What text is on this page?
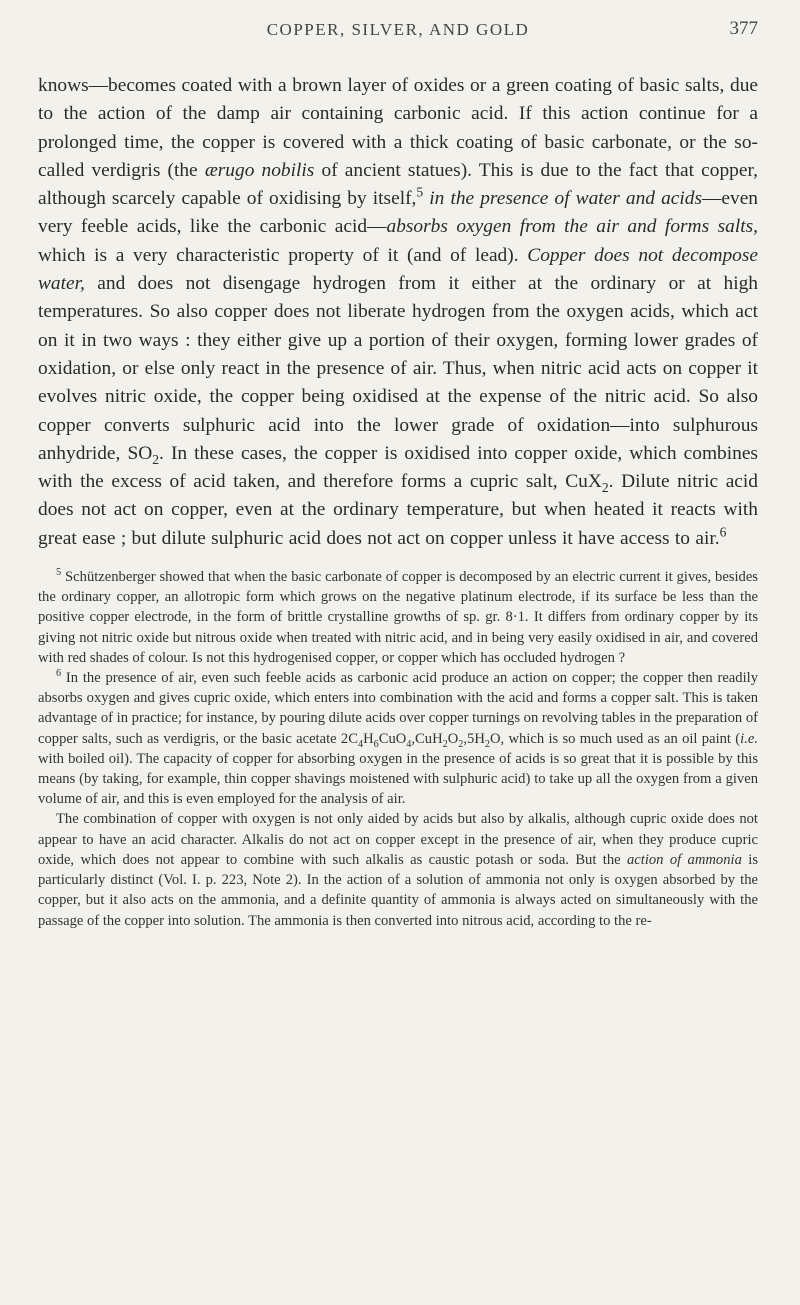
COPPER, SILVER, AND GOLD	377

knows—becomes coated with a brown layer of oxides or a green coating of basic salts, due to the action of the damp air containing carbonic acid. If this action continue for a prolonged time, the copper is covered with a thick coating of basic carbonate, or the so-called verdigris (the ærugo nobilis of ancient statues). This is due to the fact that copper, although scarcely capable of oxidising by itself,$^5$ in the presence of water and acids—even very feeble acids, like the carbonic acid—absorbs oxygen from the air and forms salts, which is a very characteristic property of it (and of lead). Copper does not decompose water, and does not disengage hydrogen from it either at the ordinary or at high temperatures. So also copper does not liberate hydrogen from the oxygen acids, which act on it in two ways : they either give up a portion of their oxygen, forming lower grades of oxidation, or else only react in the presence of air. Thus, when nitric acid acts on copper it evolves nitric oxide, the copper being oxidised at the expense of the nitric acid. So also copper converts sulphuric acid into the lower grade of oxidation—into sulphurous anhydride, $SO_2$. In these cases, the copper is oxidised into copper oxide, which combines with the excess of acid taken, and therefore forms a cupric salt, CuX$_2$. Dilute nitric acid does not act on copper, even at the ordinary temperature, but when heated it reacts with great ease ; but dilute sulphuric acid does not act on copper unless it have access to air.$^6$

$^5$ Schützenberger showed that when the basic carbonate of copper is decomposed by an electric current it gives, besides the ordinary copper, an allotropic form which grows on the negative platinum electrode, if its surface be less than the positive copper electrode, in the form of brittle crystalline growths of sp. gr. 8·1. It differs from ordinary copper by its giving not nitric oxide but nitrous oxide when treated with nitric acid, and in being very easily oxidised in air, and covered with red shades of colour. Is not this hydrogenised copper, or copper which has occluded hydrogen ?

$^6$ In the presence of air, even such feeble acids as carbonic acid produce an action on copper; the copper then readily absorbs oxygen and gives cupric oxide, which enters into combination with the acid and forms a copper salt. This is taken advantage of in practice; for instance, by pouring dilute acids over copper turnings on revolving tables in the preparation of copper salts, such as verdigris, or the basic acetate $2C_4H_6CuO_4,CuH_2O_2,5H_2O$, which is so much used as an oil paint (i.e. with boiled oil). The capacity of copper for absorbing oxygen in the presence of acids is so great that it is possible by this means (by taking, for example, thin copper shavings moistened with sulphuric acid) to take up all the oxygen from a given volume of air, and this is even employed for the analysis of air.

The combination of copper with oxygen is not only aided by acids but also by alkalis, although cupric oxide does not appear to have an acid character. Alkalis do not act on copper except in the presence of air, when they produce cupric oxide, which does not appear to combine with such alkalis as caustic potash or soda. But the action of ammonia is particularly distinct (Vol. I. p. 223, Note 2). In the action of a solution of ammonia not only is oxygen absorbed by the copper, but it also acts on the ammonia, and a definite quantity of ammonia is always acted on simultaneously with the passage of the copper into solution. The ammonia is then converted into nitrous acid, according to the re-
